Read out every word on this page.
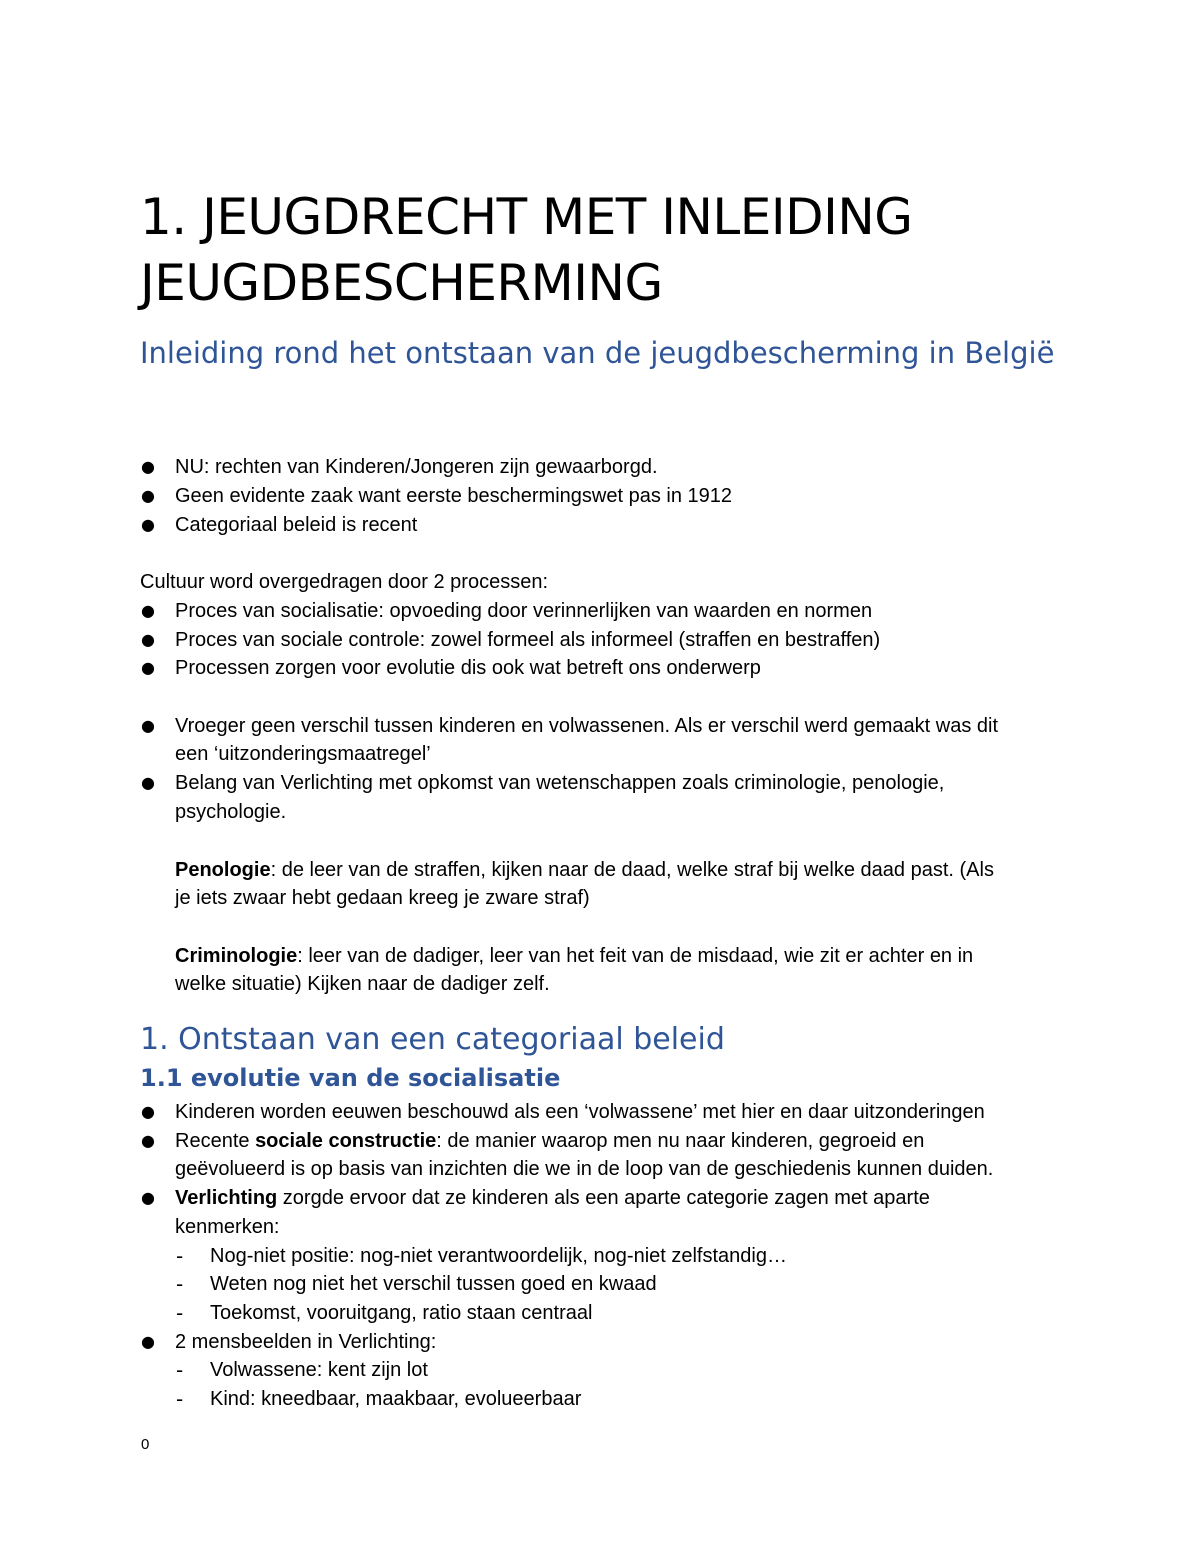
1. JEUGDRECHT MET INLEIDING JEUGDBESCHERMING
Inleiding rond het ontstaan van de jeugdbescherming in België
● NU: rechten van Kinderen/Jongeren zijn gewaarborgd.
● Geen evidente zaak want eerste beschermingswet pas in 1912
● Categoriaal beleid is recent
Cultuur word overgedragen door 2 processen:
● Proces van socialisatie: opvoeding door verinnerlijken van waarden en normen
● Proces van sociale controle: zowel formeel als informeel (straffen en bestraffen)
● Processen zorgen voor evolutie dis ook wat betreft ons onderwerp
● Vroeger geen verschil tussen kinderen en volwassenen. Als er verschil werd gemaakt was dit
een ‘uitzonderingsmaatregel’
● Belang van Verlichting met opkomst van wetenschappen zoals criminologie, penologie,
psychologie.
Penologie: de leer van de straffen, kijken naar de daad, welke straf bij welke daad past. (Als
je iets zwaar hebt gedaan kreeg je zware straf)
Criminologie: leer van de dadiger, leer van het feit van de misdaad, wie zit er achter en in
welke situatie) Kijken naar de dadiger zelf.
1. Ontstaan van een categoriaal beleid
1.1 evolutie van de socialisatie
● Kinderen worden eeuwen beschouwd als een ‘volwassene’ met hier en daar uitzonderingen
● Recente sociale constructie: de manier waarop men nu naar kinderen, gegroeid en
geëvolueerd is op basis van inzichten die we in de loop van de geschiedenis kunnen duiden.
● Verlichting zorgde ervoor dat ze kinderen als een aparte categorie zagen met aparte
kenmerken:
- Nog-niet positie: nog-niet verantwoordelijk, nog-niet zelfstandig…
- Weten nog niet het verschil tussen goed en kwaad
- Toekomst, vooruitgang, ratio staan centraal
● 2 mensbeelden in Verlichting:
- Volwassene: kent zijn lot
- Kind: kneedbaar, maakbaar, evolueerbaar
0
